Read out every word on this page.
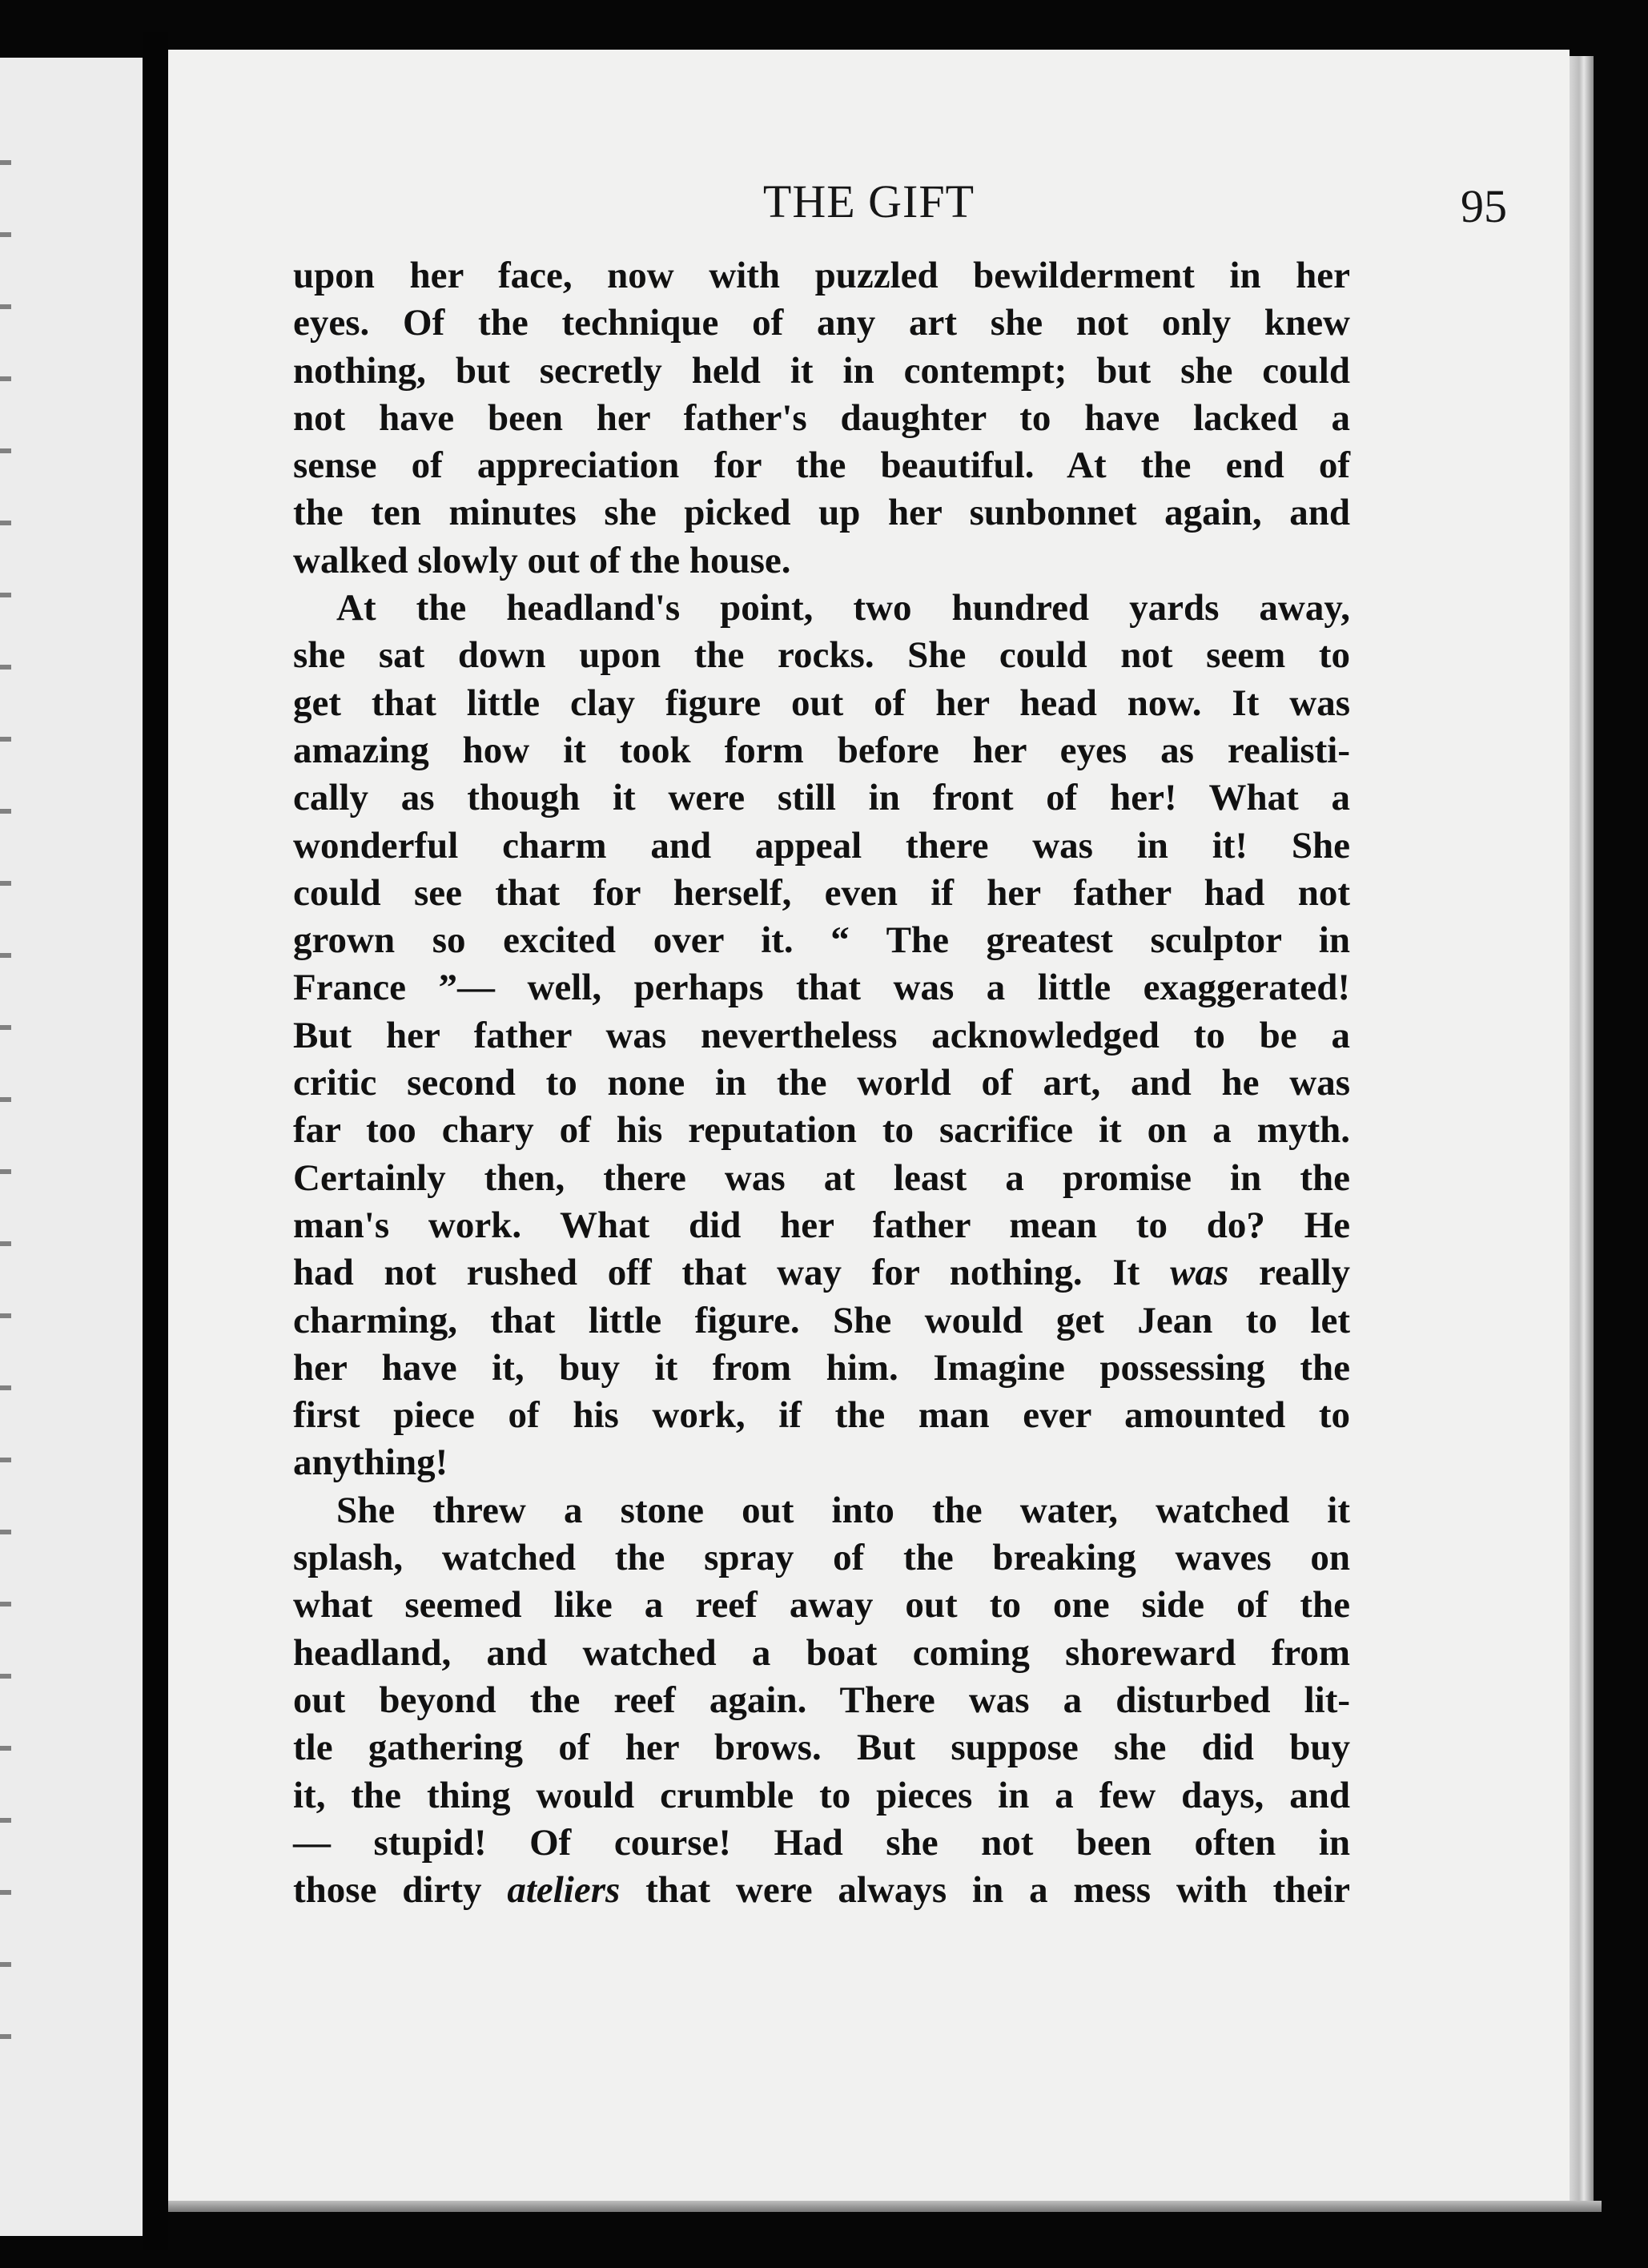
THE GIFT	95
upon her face, now with puzzled bewilderment in her
eyes. Of the technique of any art she not only knew
nothing, but secretly held it in contempt; but she could
not have been her father's daughter to have lacked a
sense of appreciation for the beautiful. At the end of
the ten minutes she picked up her sunbonnet again, and
walked slowly out of the house.
At the headland's point, two hundred yards away,
she sat down upon the rocks. She could not seem to
get that little clay figure out of her head now. It was
amazing how it took form before her eyes as realisti-
cally as though it were still in front of her! What a
wonderful charm and appeal there was in it! She
could see that for herself, even if her father had not
grown so excited over it. “ The greatest sculptor in
France ”— well, perhaps that was a little exaggerated!
But her father was nevertheless acknowledged to be a
critic second to none in the world of art, and he was
far too chary of his reputation to sacrifice it on a myth.
Certainly then, there was at least a promise in the
man's work. What did her father mean to do? He
had not rushed off that way for nothing. It was really
charming, that little figure. She would get Jean to let
her have it, buy it from him. Imagine possessing the
first piece of his work, if the man ever amounted to
anything!
She threw a stone out into the water, watched it
splash, watched the spray of the breaking waves on
what seemed like a reef away out to one side of the
headland, and watched a boat coming shoreward from
out beyond the reef again. There was a disturbed lit-
tle gathering of her brows. But suppose she did buy
it, the thing would crumble to pieces in a few days, and
— stupid! Of course! Had she not been often in
those dirty ateliers that were always in a mess with their
